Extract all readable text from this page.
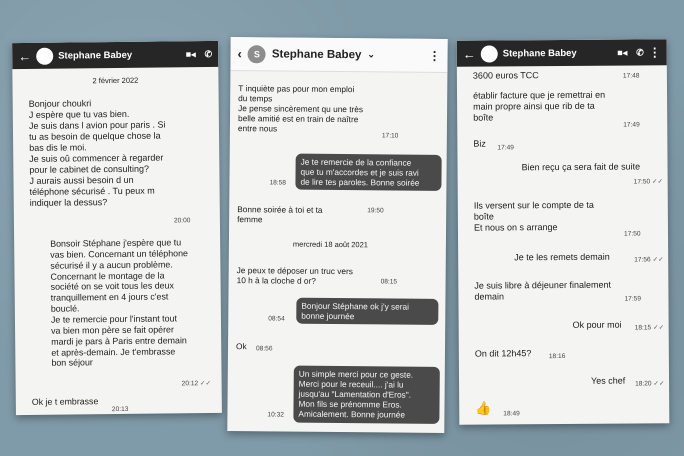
←	Stephane Babey	■◂ ✆
2 février 2022
Bonjour choukri
J espère que tu vas bien.
Je suis dans l avion pour paris . Si
tu as besoin de quelque chose la
bas dis le moi.
Je suis oû commencer à regarder
pour le cabinet de consulting?
J aurais aussi besoin d un
téléphone sécurisé . Tu peux m
indiquer la dessus?
20:00
Bonsoir Stéphane j'espère que tu
vas bien. Concernant un téléphone
sécurisé il y a aucun problème.
Concernant le montage de la
société on se voit tous les deux
tranquillement en 4 jours c'est
bouclé.
Je te remercie pour l'instant tout
va bien mon père se fait opérer
mardi je pars à Paris entre demain
et après-demain. Je t'embrasse
bon séjour
20:12 ✓✓
Ok je t embrasse
20:13
‹	S	Stephane Babey ⌄	⋮
T inquiète pas pour mon emploi
du temps
Je pense sincèrement qu une très
belle amitié est en train de naître
entre nous
17:10
Je te remercie de la confiance
que tu m'accordes et je suis ravi
de lire tes paroles. Bonne soirée
18:58
Bonne soirée à toi et ta femme
19:50
mercredi 18 août 2021
Je peux te déposer un truc vers
10 h à la cloche d or?	08:15
Bonjour Stéphane ok j'y serai
bonne journée
08:54
Ok	08:56
Un simple merci pour ce geste.
Merci pour le receuil.... j'ai lu
jusqu'au "Lamentation d'Eros".
Mon fils se prénomme Eros.
Amicalement. Bonne journée
10:32
←	Stephane Babey	■◂ ✆ ⋮
3600 euros TCC	17:48
établir facture que je remettrai en
main propre ainsi que rib de ta
boîte
17:49
Biz	17:49
Bien reçu ça sera fait de suite
17:50 ✓✓
Ils versent sur le compte de ta
boîte
Et nous on s arrange
17:50
Je te les remets demain	17:56 ✓✓
Je suis libre à déjeuner finalement
demain	17:59
Ok pour moi	18:15 ✓✓
On dit 12h45?	18:16
Yes chef	18:20 ✓✓
👍 18:49
